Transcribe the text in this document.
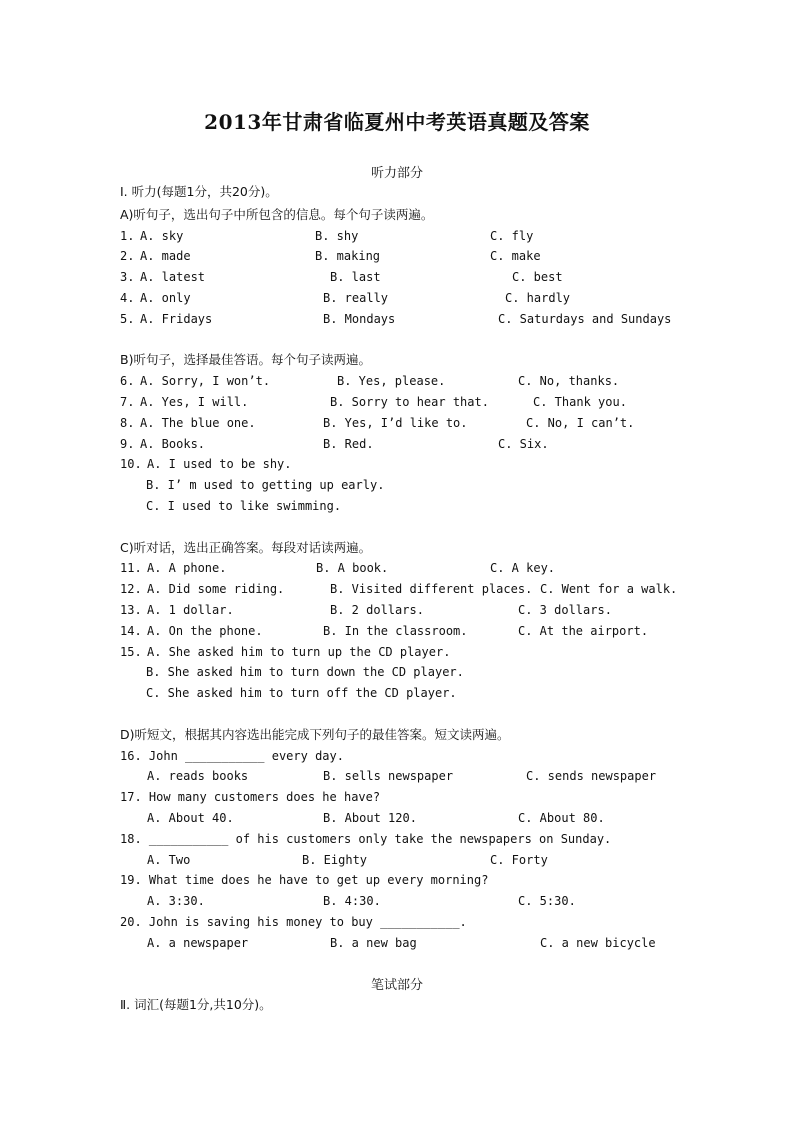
2013年甘肃省临夏州中考英语真题及答案
听力部分
Ⅰ. 听力(每题1分，共20分)。
A)听句子，选出句子中所包含的信息。每个句子读两遍。
1. A. sky	B. shy	C. fly
2. A. made	B. making	C. make
3. A. latest	B. last	C. best
4. A. only	B. really	C. hardly
5. A. Fridays	B. Mondays	C. Saturdays and Sundays
B)听句子，选择最佳答语。每个句子读两遍。
6. A. Sorry, I won’t.	B. Yes, please.	C. No, thanks.
7. A. Yes, I will.	B. Sorry to hear that.	C. Thank you.
8. A. The blue one.	B. Yes, I’d like to.	C. No, I can’t.
9. A. Books.	B. Red.	C. Six.
10. A. I used to be shy.
B. I’ m used to getting up early.
C. I used to like swimming.
C)听对话，选出正确答案。每段对话读两遍。
11. A. A phone.	B. A book.	C. A key.
12. A. Did some riding.	B. Visited different places. C. Went for a walk.
13. A. 1 dollar.	B. 2 dollars.	C. 3 dollars.
14. A. On the phone.	B. In the classroom.	C. At the airport.
15. A. She asked him to turn up the CD player.
B. She asked him to turn down the CD player.
C. She asked him to turn off the CD player.
D)听短文，根据其内容选出能完成下列句子的最佳答案。短文读两遍。
16. John ___________ every day.
A. reads books	B. sells newspaper	C. sends newspaper
17. How many customers does he have?
A. About 40.	B. About 120.	C. About 80.
18. ___________ of his customers only take the newspapers on Sunday.
A. Two	B. Eighty	C. Forty
19. What time does he have to get up every morning?
A. 3:30.	B. 4:30.	C. 5:30.
20. John is saving his money to buy ___________.
A. a newspaper	B. a new bag	C. a new bicycle
笔试部分
Ⅱ. 词汇(每题1分,共10分)。
